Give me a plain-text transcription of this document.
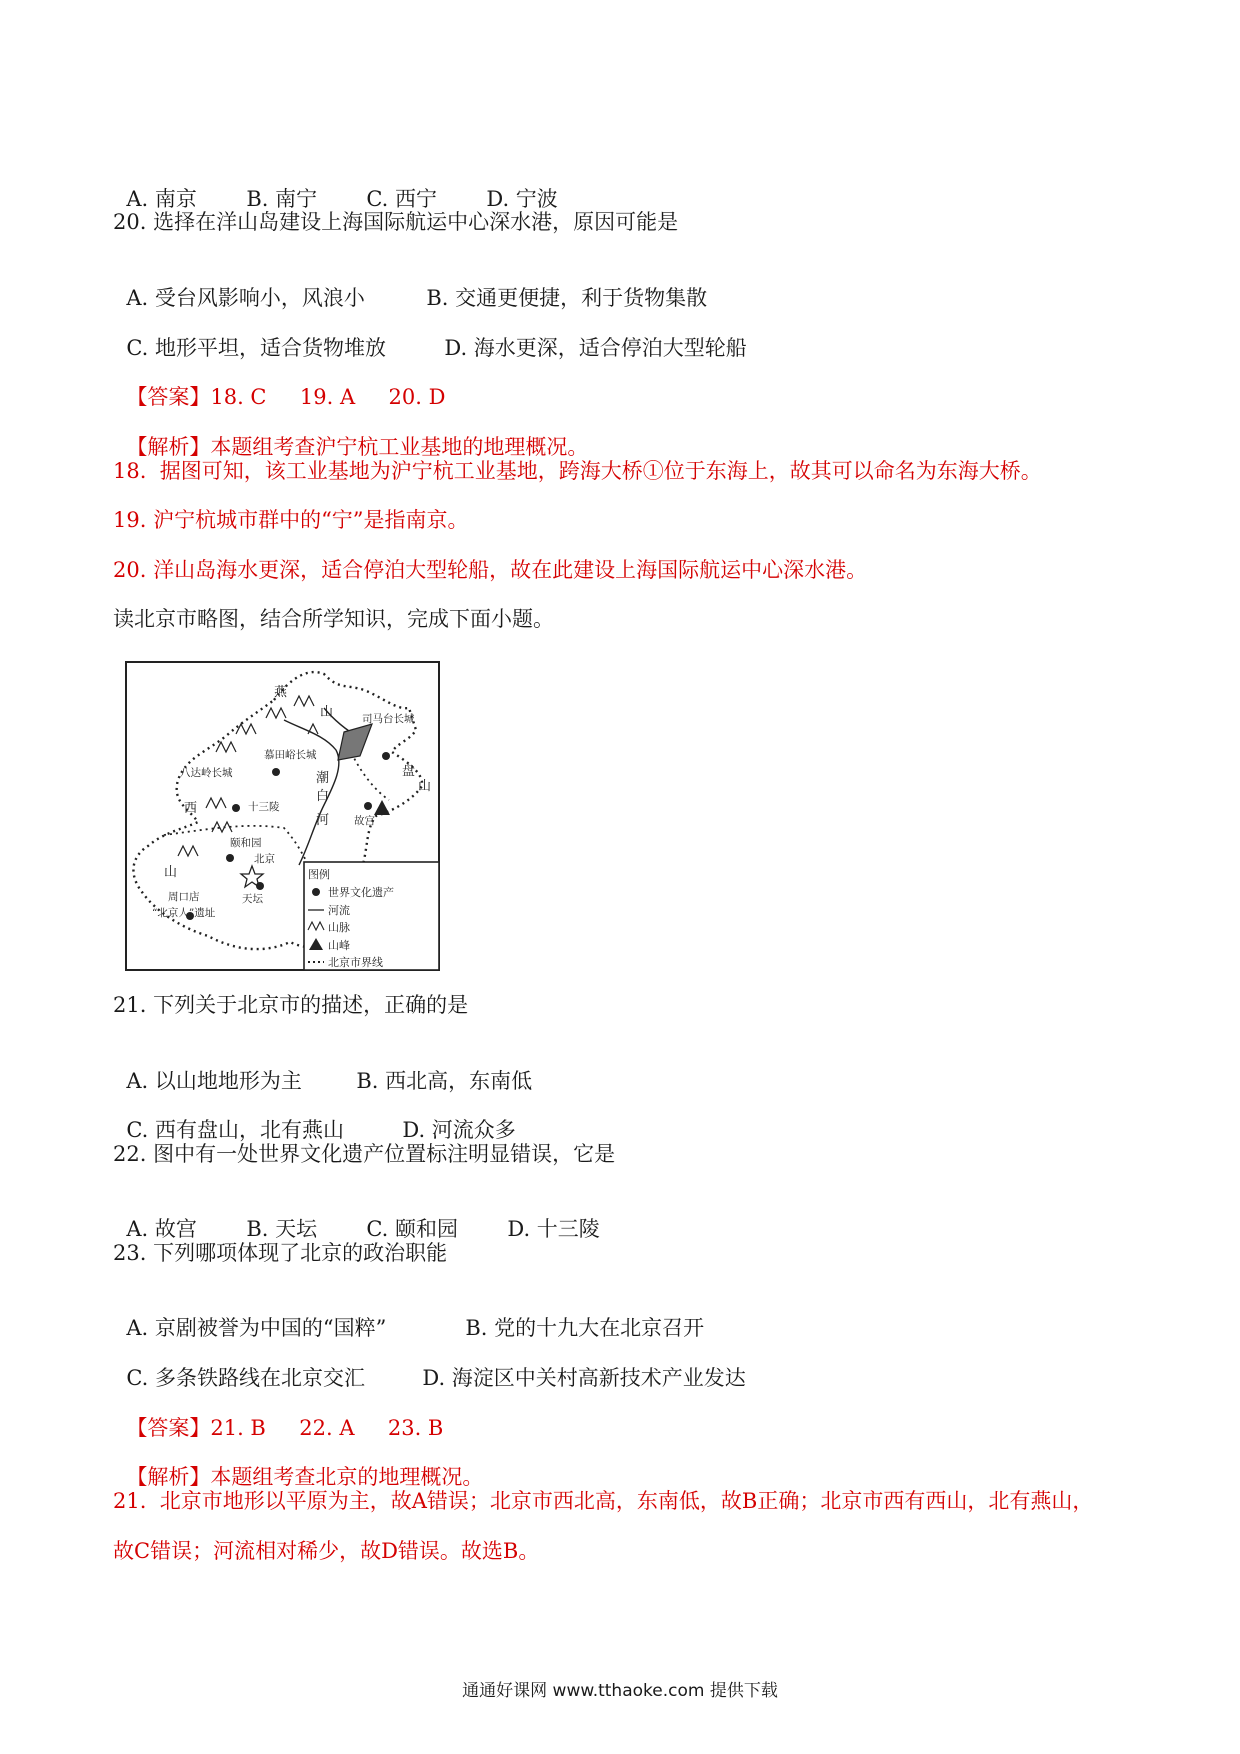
A. 南京 B. 南宁 C. 西宁 D. 宁波

20. 选择在洋山岛建设上海国际航运中心深水港，原因可能是

A. 受台风影响小，风浪小	B. 交通更便捷，利于货物集散

C. 地形平坦，适合货物堆放	D. 海水更深，适合停泊大型轮船

【答案】18. C     19. A     20. D

【解析】本题组考查沪宁杭工业基地的地理概况。

18.  据图可知，该工业基地为沪宁杭工业基地，跨海大桥①位于东海上，故其可以命名为东海大桥。
19. 沪宁杭城市群中的“宁”是指南京。
20. 洋山岛海水更深，适合停泊大型轮船，故在此建设上海国际航运中心深水港。
读北京市略图，结合所学知识，完成下面小题。
燕
山
西
山
盘
山
潮
白
河
司马台长城
慕田峪长城
八达岭长城
十三陵
颐和园
北京
天坛
故宫
周口店
“北京人”遗址
图例
世界文化遗产
河流
山脉
山峰
北京市界线
21. 下列关于北京市的描述，正确的是

A. 以山地地形为主	B. 西北高，东南低

C. 西有盘山，北有燕山	D. 河流众多

22. 图中有一处世界文化遗产位置标注明显错误，它是

A. 故宫 B. 天坛 C. 颐和园 D. 十三陵

23. 下列哪项体现了北京的政治职能

A. 京剧被誉为中国的“国粹”	B. 党的十九大在北京召开

C. 多条铁路线在北京交汇	D. 海淀区中关村高新技术产业发达

【答案】21. B     22. A     23. B

【解析】本题组考查北京的地理概况。

21.  北京市地形以平原为主，故A错误；北京市西北高，东南低，故B正确；北京市西有西山，北有燕山，
故C错误；河流相对稀少，故D错误。故选B。
通通好课网 www.tthaoke.com 提供下载
